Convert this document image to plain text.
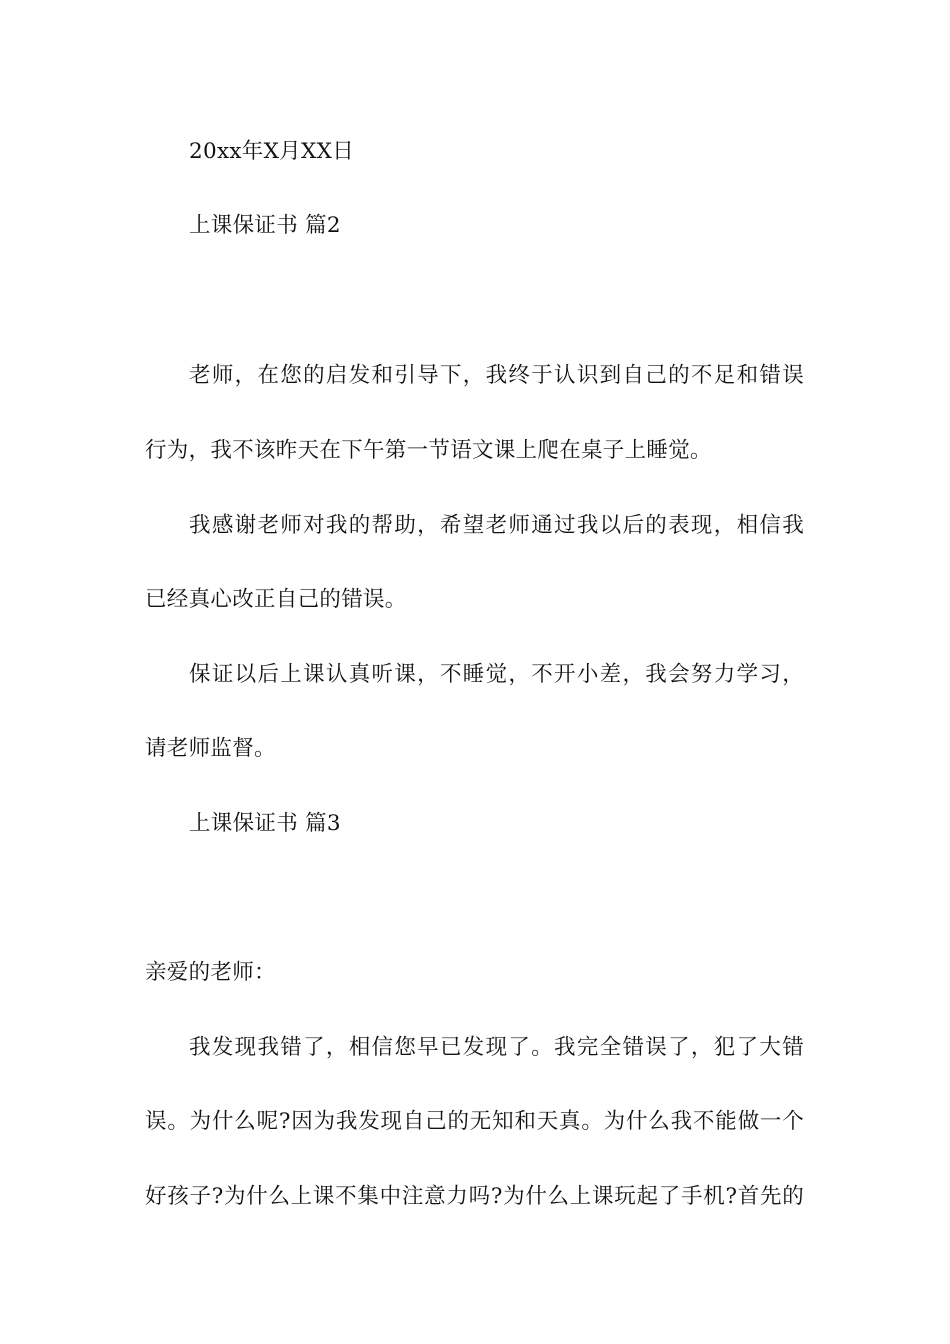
20xx年X月XX日
上课保证书 篇2
老师，在您的启发和引导下，我终于认识到自己的不足和错误
行为，我不该昨天在下午第一节语文课上爬在桌子上睡觉。
我感谢老师对我的帮助，希望老师通过我以后的表现，相信我
已经真心改正自己的错误。
保证以后上课认真听课，不睡觉，不开小差，我会努力学习，
请老师监督。
上课保证书 篇3
亲爱的老师：
我发现我错了，相信您早已发现了。我完全错误了，犯了大错
误。为什么呢?因为我发现自己的无知和天真。为什么我不能做一个
好孩子?为什么上课不集中注意力吗?为什么上课玩起了手机?首先的
